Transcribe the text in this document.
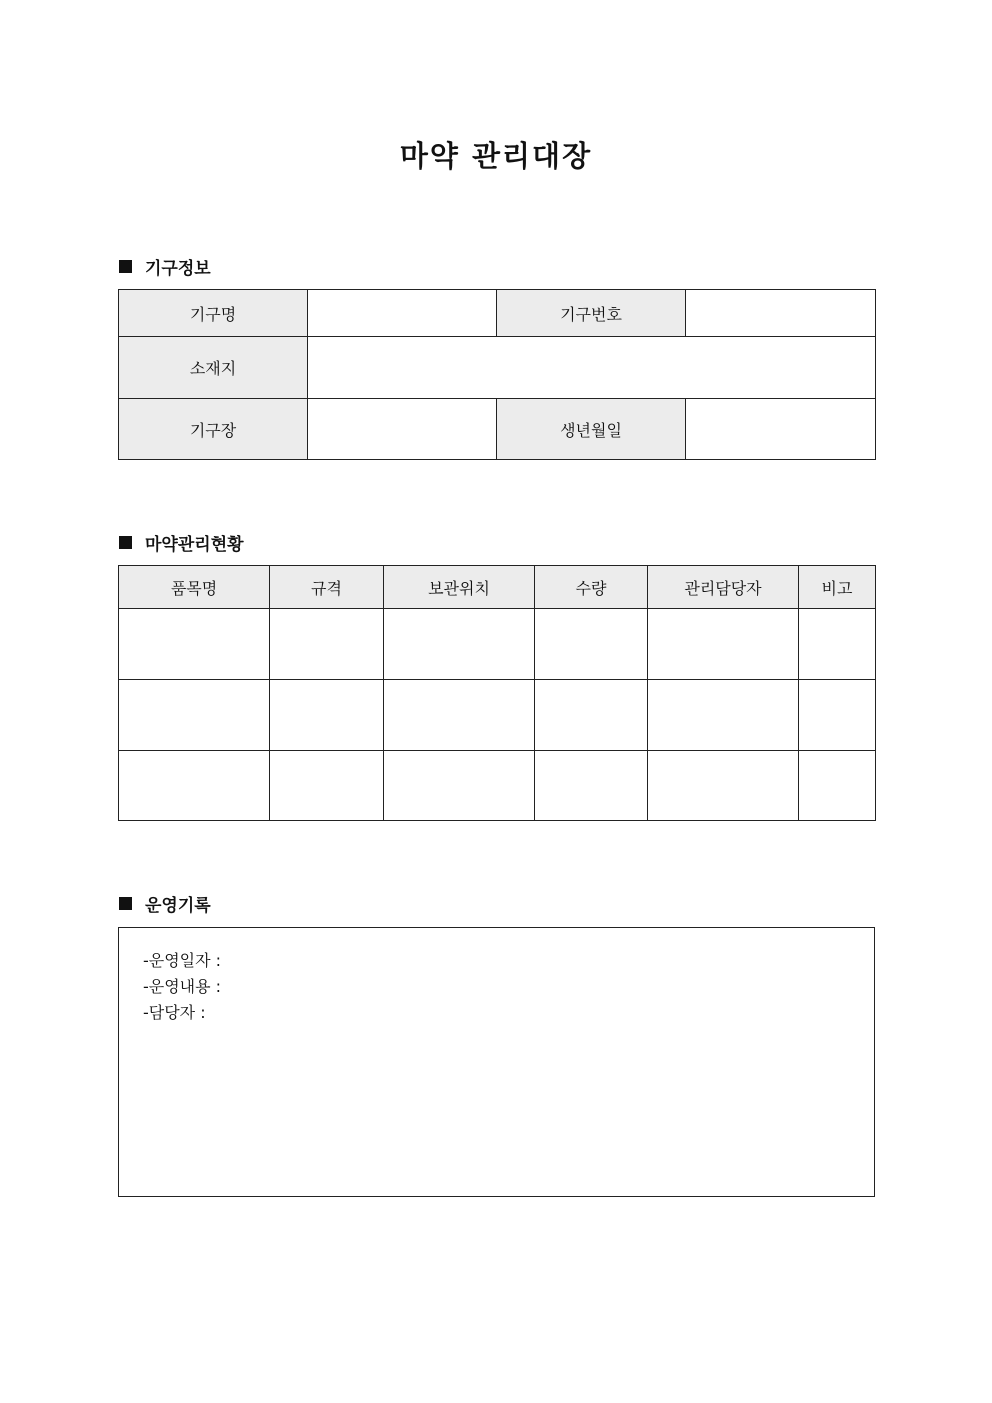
마약 관리대장
기구정보
기구명		기구번호	
소재지			
기구장		생년월일	
마약관리현황
품목명	규격	보관위치	수량	관리담당자	비고

운영기록
-운영일자 :
-운영내용 :
-담당자 :
